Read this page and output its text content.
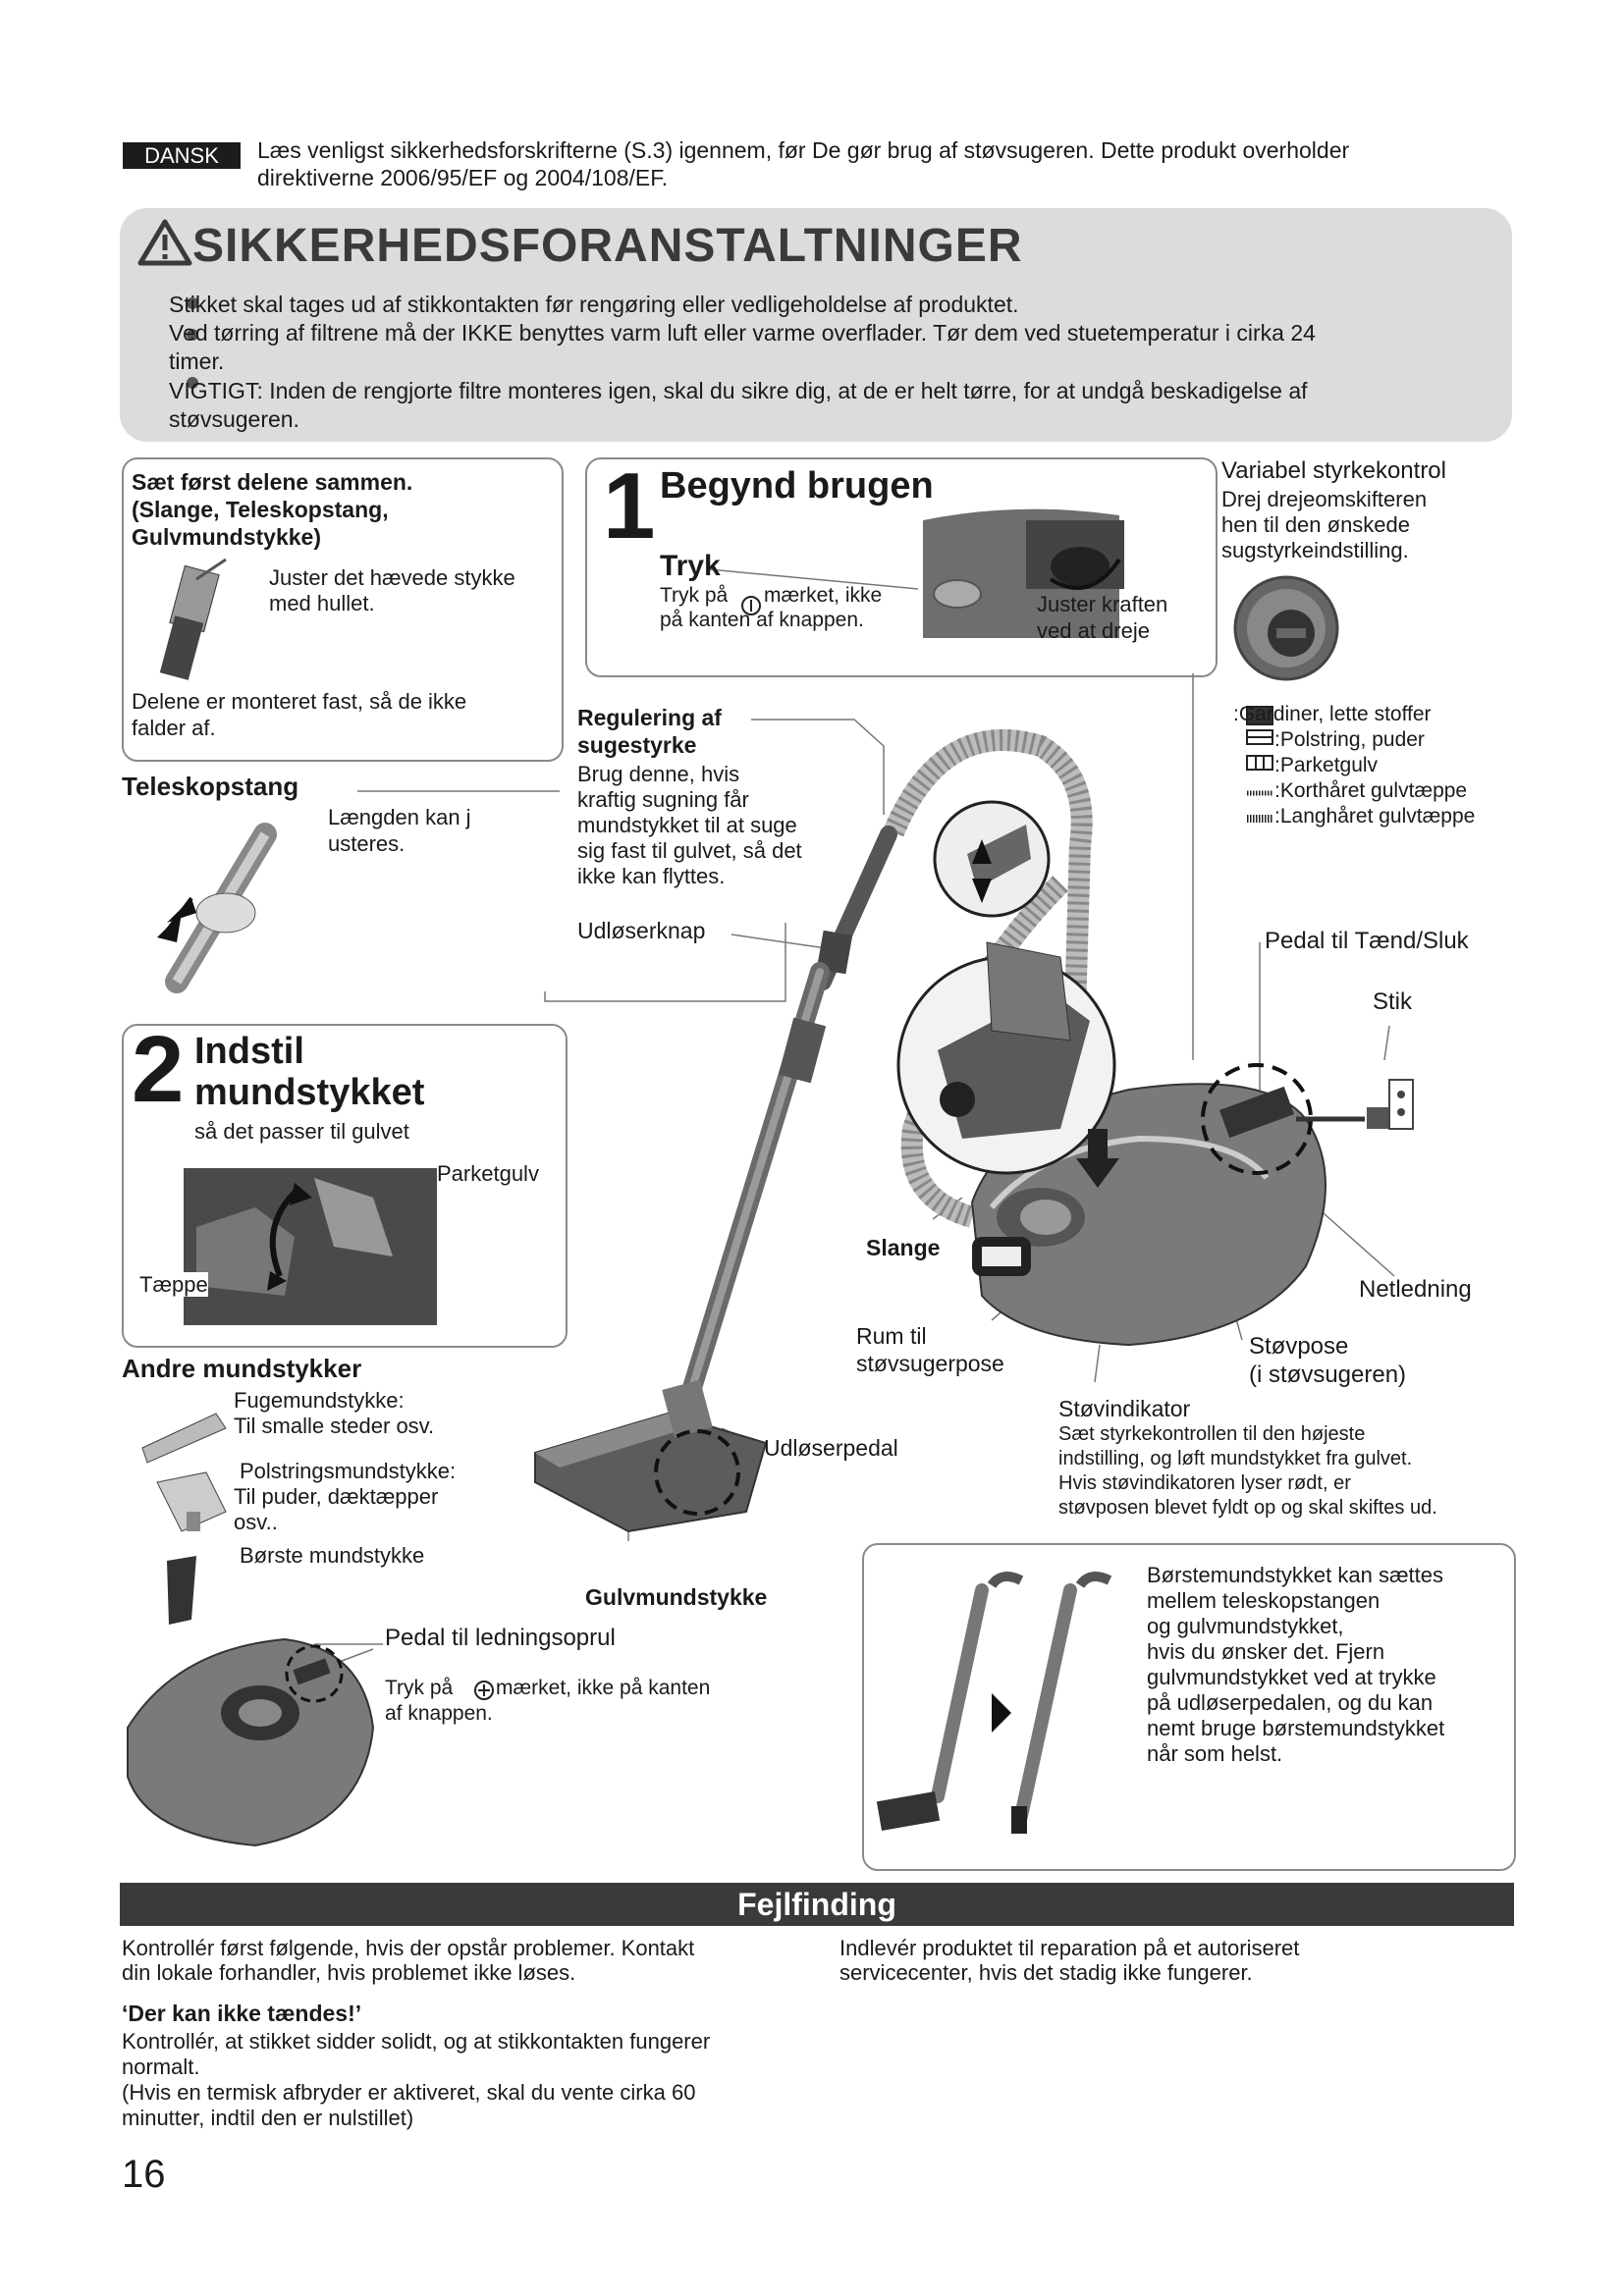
DANSK	Læs venligst sikkerhedsforskrifterne (S.3) igennem, før De gør brug af støvsugeren. Dette produkt overholder
direktiverne 2006/95/EF og 2004/108/EF.
SIKKERHEDSFORANSTALTNINGER
Stikket skal tages ud af stikkontakten før rengøring eller vedligeholdelse af produktet.
Ved tørring af filtrene må der IKKE benyttes varm luft eller varme overflader. Tør dem ved stuetemperatur i cirka 24
timer.
VIGTIGT: Inden de rengjorte filtre monteres igen, skal du sikre dig, at de er helt tørre, for at undgå beskadigelse af
støvsugeren.
Sæt først delene sammen.
(Slange, Teleskopstang,
Gulvmundstykke)
Juster det hævede stykke
med hullet.
Delene er monteret fast, så de ikke
falder af.
Teleskopstang
Længden kan j
usteres.
1 Begynd brugen
Tryk
Tryk på mærket, ikke
på kanten af knappen.
Juster kraften
ved at dreje
Variabel styrkekontrol
Drej drejeomskifteren
hen til den ønskede
sugstyrkeindstilling.
:Gardiner, lette stoffer
:Polstring, puder
:Parketgulv
:Korthåret gulvtæppe
:Langhåret gulvtæppe
Regulering af
sugestyrke
Brug denne, hvis
kraftig sugning får
mundstykket til at suge
sig fast til gulvet, så det
ikke kan flyttes.
Udløserknap	Pedal til Tænd/Sluk
Stik
Slange
Netledning
Rum til
støvsugerpose
Støvpose
(i støvsugeren)
Udløserpedal
Gulvmundstykke
Pedal til ledningsoprul
Tryk på mærket, ikke på kanten
af knappen.
Støvindikator
Sæt styrkekontrollen til den højeste
indstilling, og løft mundstykket fra gulvet.
Hvis støvindikatoren lyser rødt, er
støvposen blevet fyldt op og skal skiftes ud.
2 Indstil
mundstykket
så det passer til gulvet
Parketgulv
Tæppe
Andre mundstykker
Fugemundstykke:
Til smalle steder osv.
Polstringsmundstykke:
Til puder, dæktæpper
osv..
Børste mundstykke
Børstemundstykket kan sættes
mellem teleskopstangen
og gulvmundstykket,
hvis du ønsker det. Fjern
gulvmundstykket ved at trykke
på udløserpedalen, og du kan
nemt bruge børstemundstykket
når som helst.
Fejlfinding
Kontrollér først følgende, hvis der opstår problemer. Kontakt
din lokale forhandler, hvis problemet ikke løses.
Indlevér produktet til reparation på et autoriseret
servicecenter, hvis det stadig ikke fungerer.
‘Der kan ikke tændes!’
Kontrollér, at stikket sidder solidt, og at stikkontakten fungerer
normalt.
(Hvis en termisk afbryder er aktiveret, skal du vente cirka 60
minutter, indtil den er nulstillet)
16
